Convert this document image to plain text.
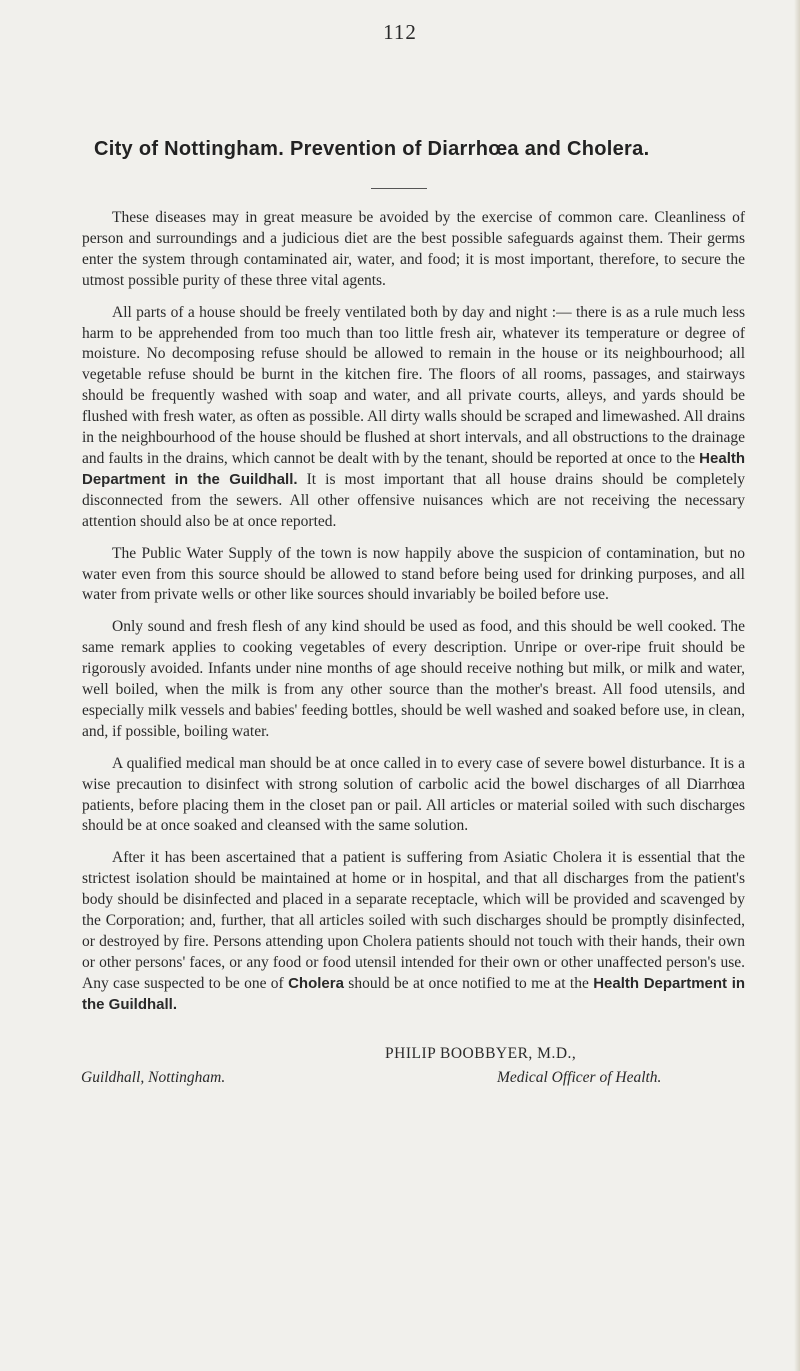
112
City of Nottingham. Prevention of Diarrhœa and Cholera.

These diseases may in great measure be avoided by the exercise of common care. Cleanliness of person and surroundings and a judicious diet are the best possible safeguards against them. Their germs enter the system through contaminated air, water, and food; it is most important, therefore, to secure the utmost possible purity of these three vital agents.

All parts of a house should be freely ventilated both by day and night :— there is as a rule much less harm to be apprehended from too much than too little fresh air, whatever its temperature or degree of moisture. No decomposing refuse should be allowed to remain in the house or its neighbourhood; all vegetable refuse should be burnt in the kitchen fire. The floors of all rooms, passages, and stairways should be frequently washed with soap and water, and all private courts, alleys, and yards should be flushed with fresh water, as often as possible. All dirty walls should be scraped and limewashed. All drains in the neighbourhood of the house should be flushed at short intervals, and all obstructions to the drainage and faults in the drains, which cannot be dealt with by the tenant, should be reported at once to the Health Department in the Guildhall. It is most important that all house drains should be completely disconnected from the sewers. All other offensive nuisances which are not receiving the necessary attention should also be at once reported.

The Public Water Supply of the town is now happily above the suspicion of contamination, but no water even from this source should be allowed to stand before being used for drinking purposes, and all water from private wells or other like sources should invariably be boiled before use.

Only sound and fresh flesh of any kind should be used as food, and this should be well cooked. The same remark applies to cooking vegetables of every description. Unripe or over-ripe fruit should be rigorously avoided. Infants under nine months of age should receive nothing but milk, or milk and water, well boiled, when the milk is from any other source than the mother's breast. All food utensils, and especially milk vessels and babies' feeding bottles, should be well washed and soaked before use, in clean, and, if possible, boiling water.

A qualified medical man should be at once called in to every case of severe bowel disturbance. It is a wise precaution to disinfect with strong solution of carbolic acid the bowel discharges of all Diarrhœa patients, before placing them in the closet pan or pail. All articles or material soiled with such discharges should be at once soaked and cleansed with the same solution.

After it has been ascertained that a patient is suffering from Asiatic Cholera it is essential that the strictest isolation should be maintained at home or in hospital, and that all discharges from the patient's body should be disinfected and placed in a separate receptacle, which will be provided and scavenged by the Corporation; and, further, that all articles soiled with such discharges should be promptly disinfected, or destroyed by fire. Persons attending upon Cholera patients should not touch with their hands, their own or other persons' faces, or any food or food utensil intended for their own or other unaffected person's use. Any case suspected to be one of Cholera should be at once notified to me at the Health Department in the Guildhall.

PHILIP BOOBBYER, M.D.,
Guildhall, Nottingham.	Medical Officer of Health.
